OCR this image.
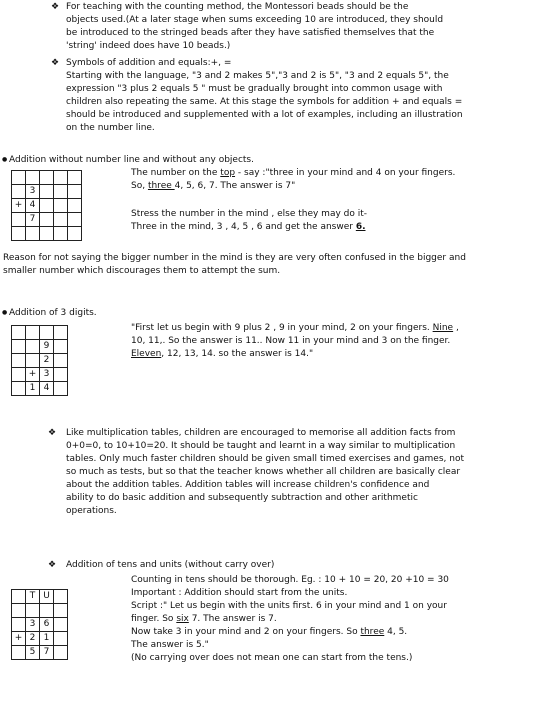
❖ For teaching with the counting method, the Montessori beads should be the
objects used.(At a later stage when sums exceeding 10 are introduced, they should
be introduced to the stringed beads after they have satisfied themselves that the
'string' indeed does have 10 beads.)
❖ Symbols of addition and equals:+, =
Starting with the language, "3 and 2 makes 5","3 and 2 is 5", "3 and 2 equals 5", the
expression "3 plus 2 equals 5 " must be gradually brought into common usage with
children also repeating the same. At this stage the symbols for addition + and equals =
should be introduced and supplemented with a lot of examples, including an illustration
on the number line.
● Addition without number line and without any objects.

	3			
+	4			
	7			

The number on the top - say :"three in your mind and 4 on your fingers.
So, three 4, 5, 6, 7. The answer is 7"
Stress the number in the mind , else they may do it-
Three in the mind, 3 , 4, 5 , 6 and get the answer 6.
Reason for not saying the bigger number in the mind is they are very often confused in the bigger and
smaller number which discourages them to attempt the sum.
● Addition of 3 digits.

		9	
		2	
	+	3	
	1	4	
"First let us begin with 9 plus 2 , 9 in your mind, 2 on your fingers. Nine ,
10, 11,. So the answer is 11.. Now 11 in your mind and 3 on the finger.
Eleven, 12, 13, 14. so the answer is 14."
❖ Like multiplication tables, children are encouraged to memorise all addition facts from
0+0=0, to 10+10=20. It should be taught and learnt in a way similar to multiplication
tables. Only much faster children should be given small timed exercises and games, not
so much as tests, but so that the teacher knows whether all children are basically clear
about the addition tables. Addition tables will increase children's confidence and
ability to do basic addition and subsequently subtraction and other arithmetic
operations.
❖ Addition of tens and units (without carry over)
	T	U	

	3	6	
+	2	1	
	5	7	
Counting in tens should be thorough. Eg. : 10 + 10 = 20, 20 +10 = 30
Important : Addition should start from the units.
Script :" Let us begin with the units first. 6 in your mind and 1 on your
finger. So six 7. The answer is 7.
Now take 3 in your mind and 2 on your fingers. So three 4, 5.
The answer is 5."
(No carrying over does not mean one can start from the tens.)
